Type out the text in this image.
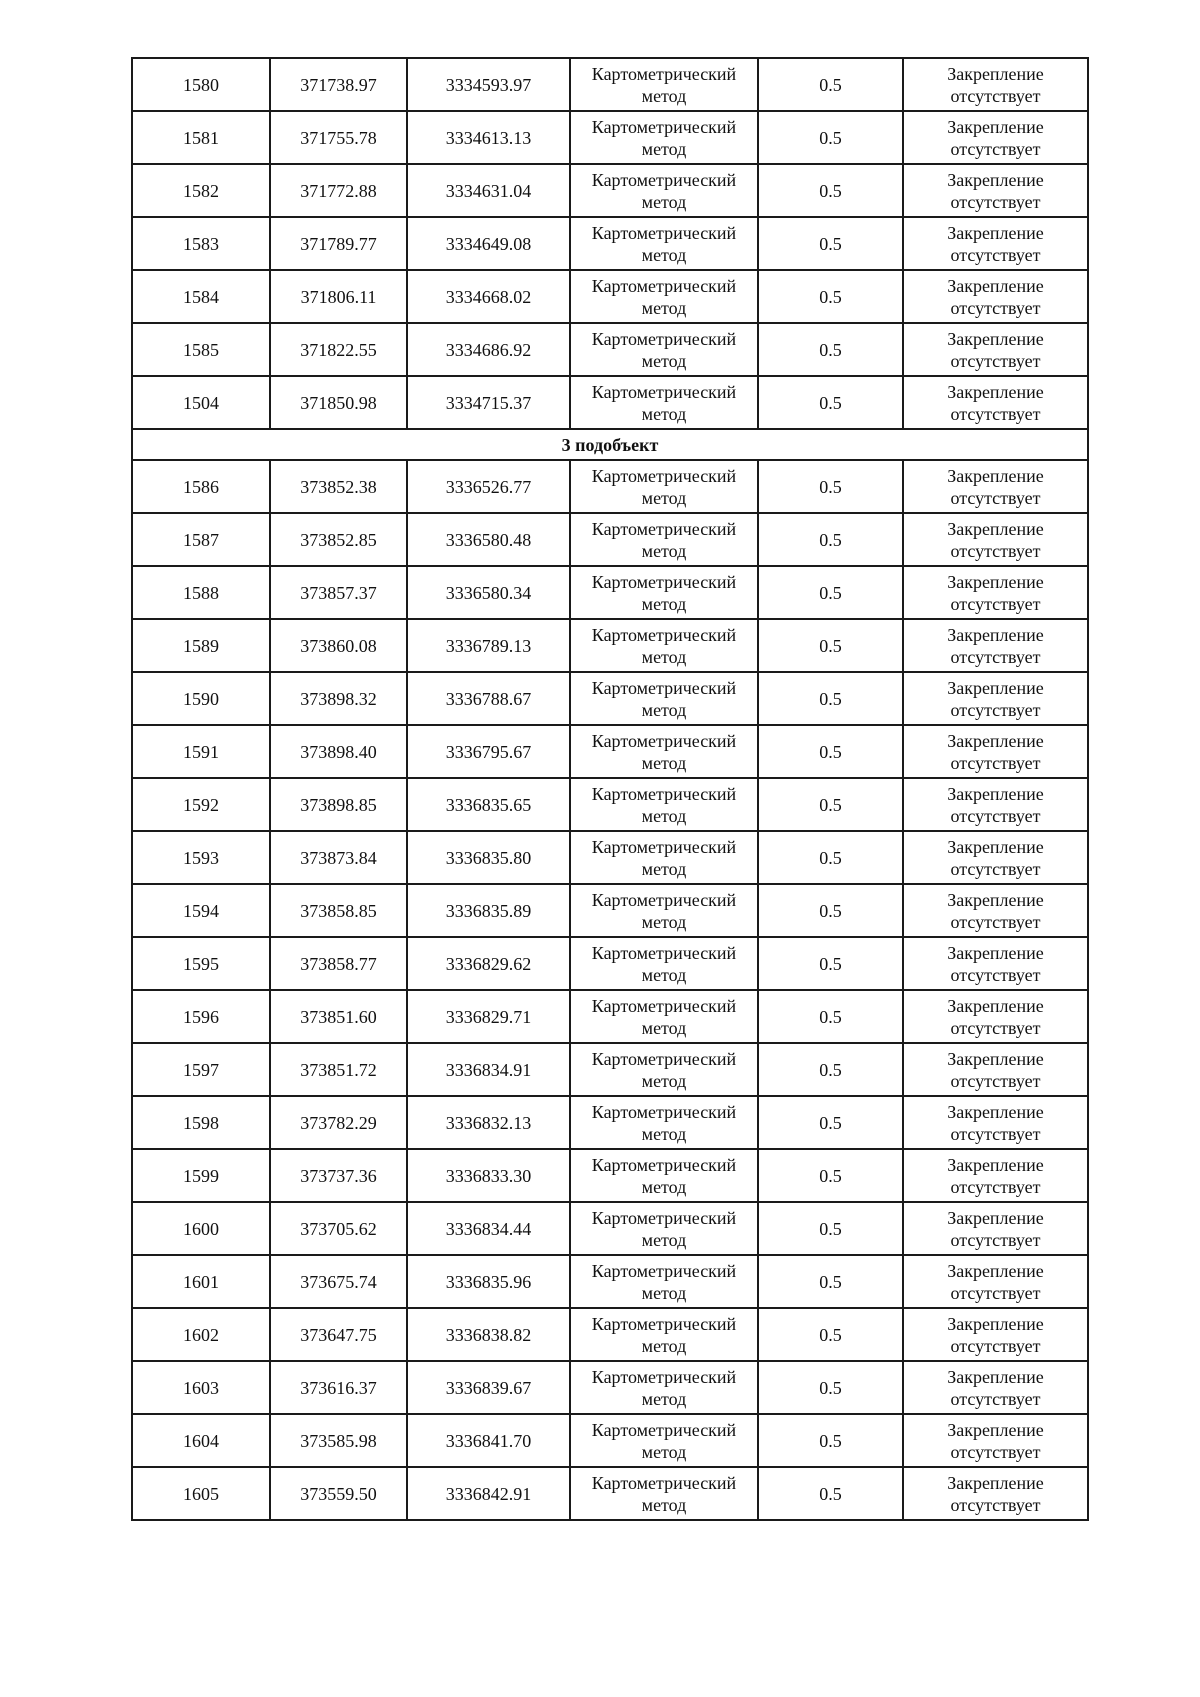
1580	371738.97	3334593.97	Картометрический метод	0.5	Закрепление отсутствует
1581	371755.78	3334613.13	Картометрический метод	0.5	Закрепление отсутствует
1582	371772.88	3334631.04	Картометрический метод	0.5	Закрепление отсутствует
1583	371789.77	3334649.08	Картометрический метод	0.5	Закрепление отсутствует
1584	371806.11	3334668.02	Картометрический метод	0.5	Закрепление отсутствует
1585	371822.55	3334686.92	Картометрический метод	0.5	Закрепление отсутствует
1504	371850.98	3334715.37	Картометрический метод	0.5	Закрепление отсутствует
3 подобъект					
1586	373852.38	3336526.77	Картометрический метод	0.5	Закрепление отсутствует
1587	373852.85	3336580.48	Картометрический метод	0.5	Закрепление отсутствует
1588	373857.37	3336580.34	Картометрический метод	0.5	Закрепление отсутствует
1589	373860.08	3336789.13	Картометрический метод	0.5	Закрепление отсутствует
1590	373898.32	3336788.67	Картометрический метод	0.5	Закрепление отсутствует
1591	373898.40	3336795.67	Картометрический метод	0.5	Закрепление отсутствует
1592	373898.85	3336835.65	Картометрический метод	0.5	Закрепление отсутствует
1593	373873.84	3336835.80	Картометрический метод	0.5	Закрепление отсутствует
1594	373858.85	3336835.89	Картометрический метод	0.5	Закрепление отсутствует
1595	373858.77	3336829.62	Картометрический метод	0.5	Закрепление отсутствует
1596	373851.60	3336829.71	Картометрический метод	0.5	Закрепление отсутствует
1597	373851.72	3336834.91	Картометрический метод	0.5	Закрепление отсутствует
1598	373782.29	3336832.13	Картометрический метод	0.5	Закрепление отсутствует
1599	373737.36	3336833.30	Картометрический метод	0.5	Закрепление отсутствует
1600	373705.62	3336834.44	Картометрический метод	0.5	Закрепление отсутствует
1601	373675.74	3336835.96	Картометрический метод	0.5	Закрепление отсутствует
1602	373647.75	3336838.82	Картометрический метод	0.5	Закрепление отсутствует
1603	373616.37	3336839.67	Картометрический метод	0.5	Закрепление отсутствует
1604	373585.98	3336841.70	Картометрический метод	0.5	Закрепление отсутствует
1605	373559.50	3336842.91	Картометрический метод	0.5	Закрепление отсутствует
